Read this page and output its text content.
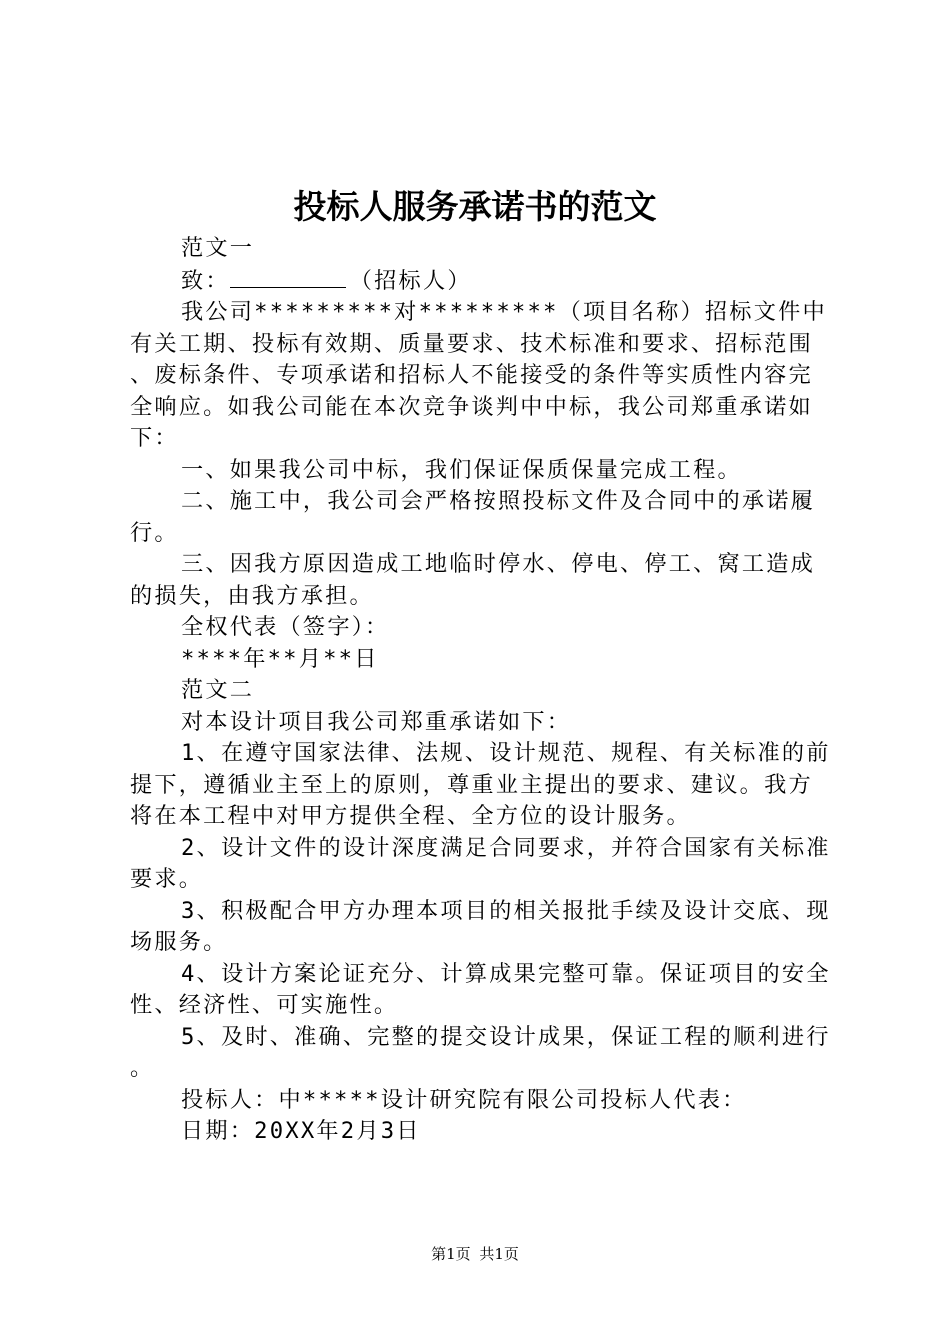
投标人服务承诺书的范文

范文一

致：	（招标人）

我公司*********对*********（项目名称）招标文件中有关工期、投标有效期、质量要求、技术标准和要求、招标范围、废标条件、专项承诺和招标人不能接受的条件等实质性内容完全响应。如我公司能在本次竞争谈判中中标，我公司郑重承诺如下：

一、如果我公司中标，我们保证保质保量完成工程。

二、施工中，我公司会严格按照投标文件及合同中的承诺履行。

三、因我方原因造成工地临时停水、停电、停工、窝工造成的损失，由我方承担。

全权代表（签字）：

****年**月**日

范文二

对本设计项目我公司郑重承诺如下：

1、在遵守国家法律、法规、设计规范、规程、有关标准的前提下，遵循业主至上的原则，尊重业主提出的要求、建议。我方将在本工程中对甲方提供全程、全方位的设计服务。

2、设计文件的设计深度满足合同要求，并符合国家有关标准要求。

3、积极配合甲方办理本项目的相关报批手续及设计交底、现场服务。

4、设计方案论证充分、计算成果完整可靠。保证项目的安全性、经济性、可实施性。

5、及时、准确、完整的提交设计成果，保证工程的顺利进行。

投标人：中*****设计研究院有限公司投标人代表：

日期：20XX年2月3日

第1页 共1页
